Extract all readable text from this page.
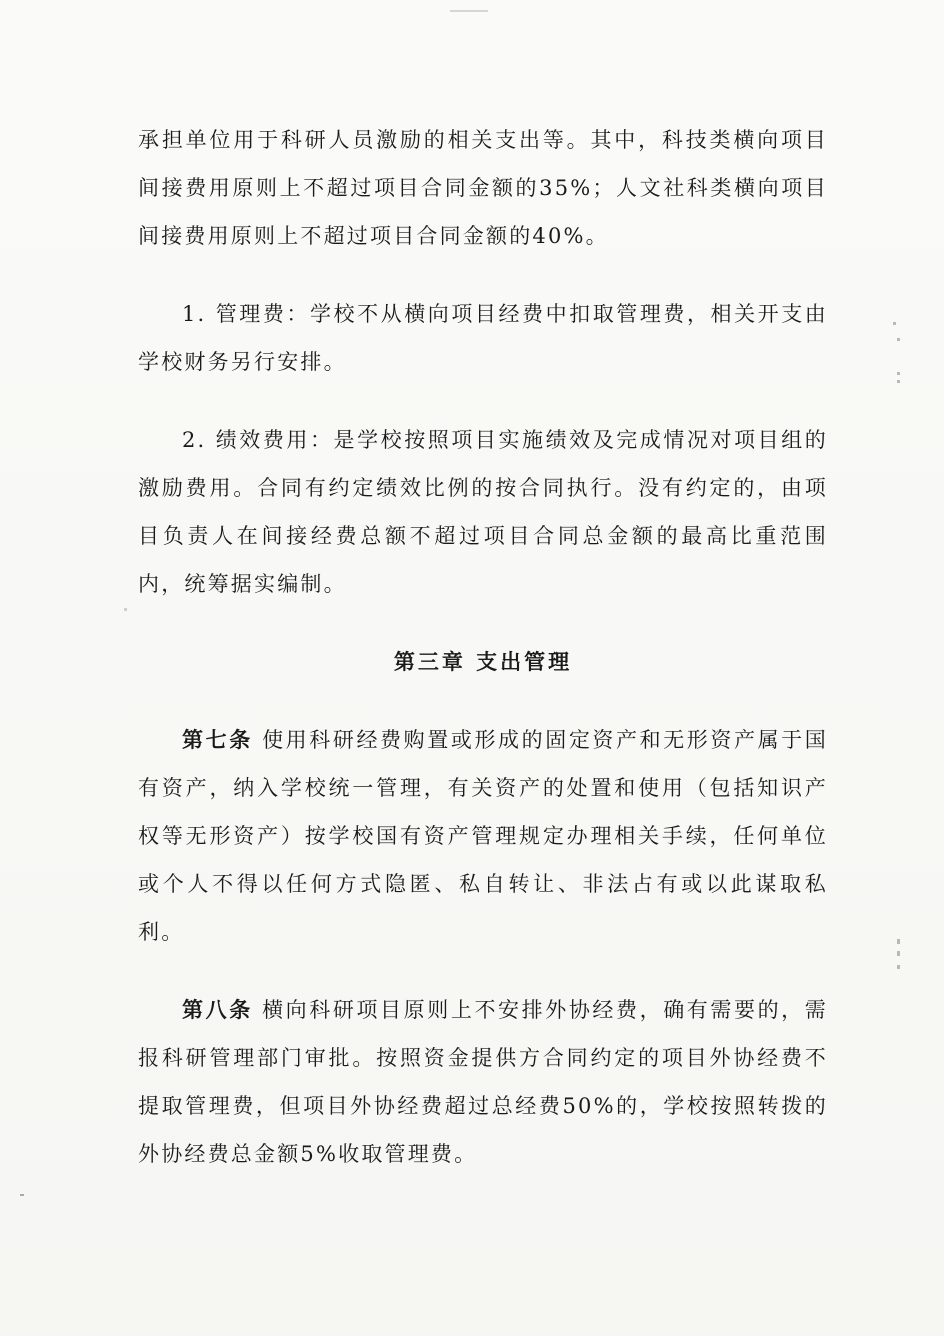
承担单位用于科研人员激励的相关支出等。其中，科技类横向项目间接费用原则上不超过项目合同金额的35%；人文社科类横向项目间接费用原则上不超过项目合同金额的40%。

1. 管理费：学校不从横向项目经费中扣取管理费，相关开支由学校财务另行安排。

2. 绩效费用：是学校按照项目实施绩效及完成情况对项目组的激励费用。合同有约定绩效比例的按合同执行。没有约定的，由项目负责人在间接经费总额不超过项目合同总金额的最高比重范围内，统筹据实编制。

第三章 支出管理

第七条 使用科研经费购置或形成的固定资产和无形资产属于国有资产，纳入学校统一管理，有关资产的处置和使用（包括知识产权等无形资产）按学校国有资产管理规定办理相关手续，任何单位或个人不得以任何方式隐匿、私自转让、非法占有或以此谋取私利。

第八条 横向科研项目原则上不安排外协经费，确有需要的，需报科研管理部门审批。按照资金提供方合同约定的项目外协经费不提取管理费，但项目外协经费超过总经费50%的，学校按照转拨的外协经费总金额5%收取管理费。
